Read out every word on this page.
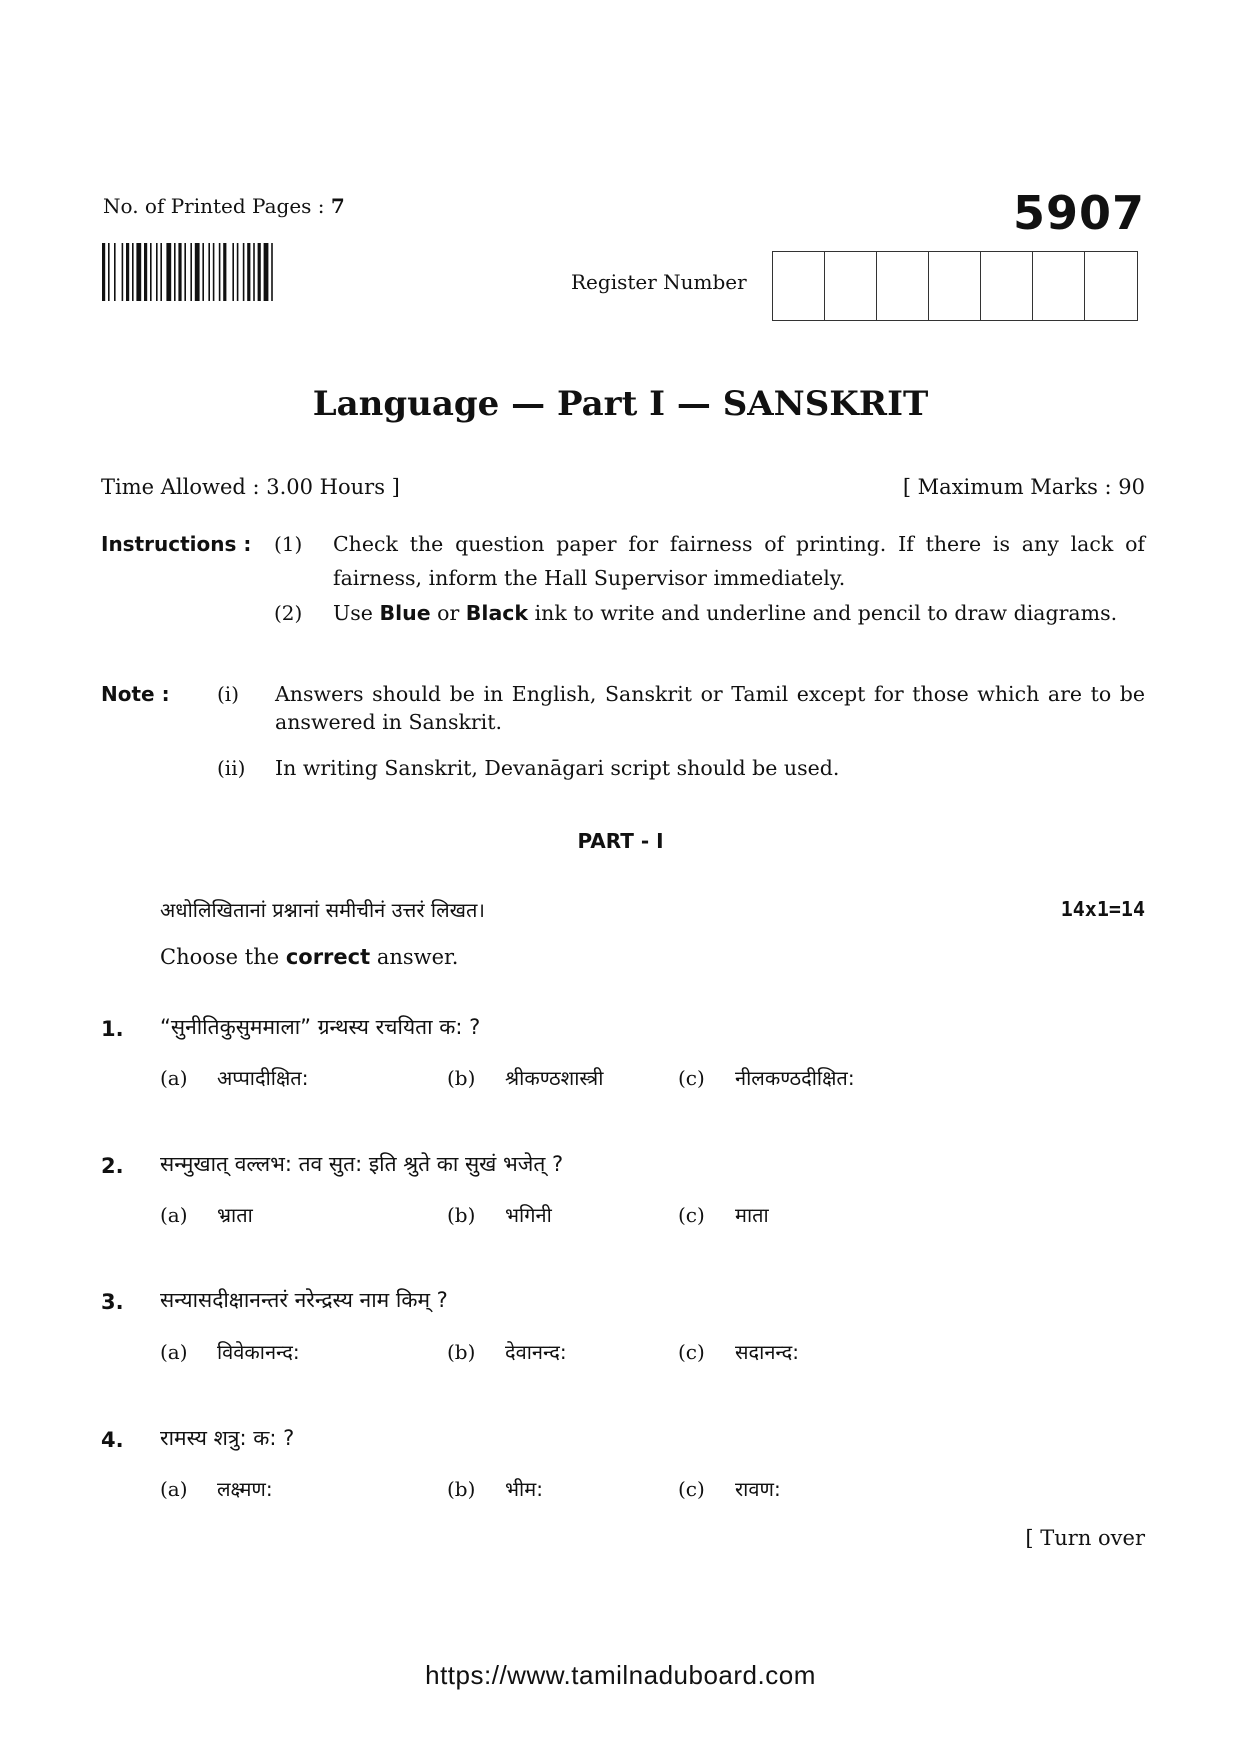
No. of Printed Pages : 7	5907
Register Number
Language — Part I — SANSKRIT
Time Allowed : 3.00 Hours ]	[ Maximum Marks : 90
Instructions : (1) Check the question paper for fairness of printing. If there is any lack of fairness, inform the Hall Supervisor immediately.
(2) Use Blue or Black ink to write and underline and pencil to draw diagrams.
Note : (i) Answers should be in English, Sanskrit or Tamil except for those which are to be answered in Sanskrit.
(ii) In writing Sanskrit, Devanāgari script should be used.
PART - I
अधोलिखितानां प्रश्नानां समीचीनं उत्तरं लिखत।	14x1=14
Choose the correct answer.
1. “सुनीतिकुसुममाला” ग्रन्थस्य रचयिता क: ?
(a) अप्पादीक्षित:	(b) श्रीकण्ठशास्त्री	(c) नीलकण्ठदीक्षित:
2. सन्मुखात् वल्लभ: तव सुत: इति श्रुते का सुखं भजेत् ?
(a) भ्राता	(b) भगिनी	(c) माता
3. सन्यासदीक्षानन्तरं नरेन्द्रस्य नाम किम् ?
(a) विवेकानन्द:	(b) देवानन्द:	(c) सदानन्द:
4. रामस्य शत्रु: क: ?
(a) लक्ष्मण:	(b) भीम:	(c) रावण:
[ Turn over
https://www.tamilnaduboard.com
